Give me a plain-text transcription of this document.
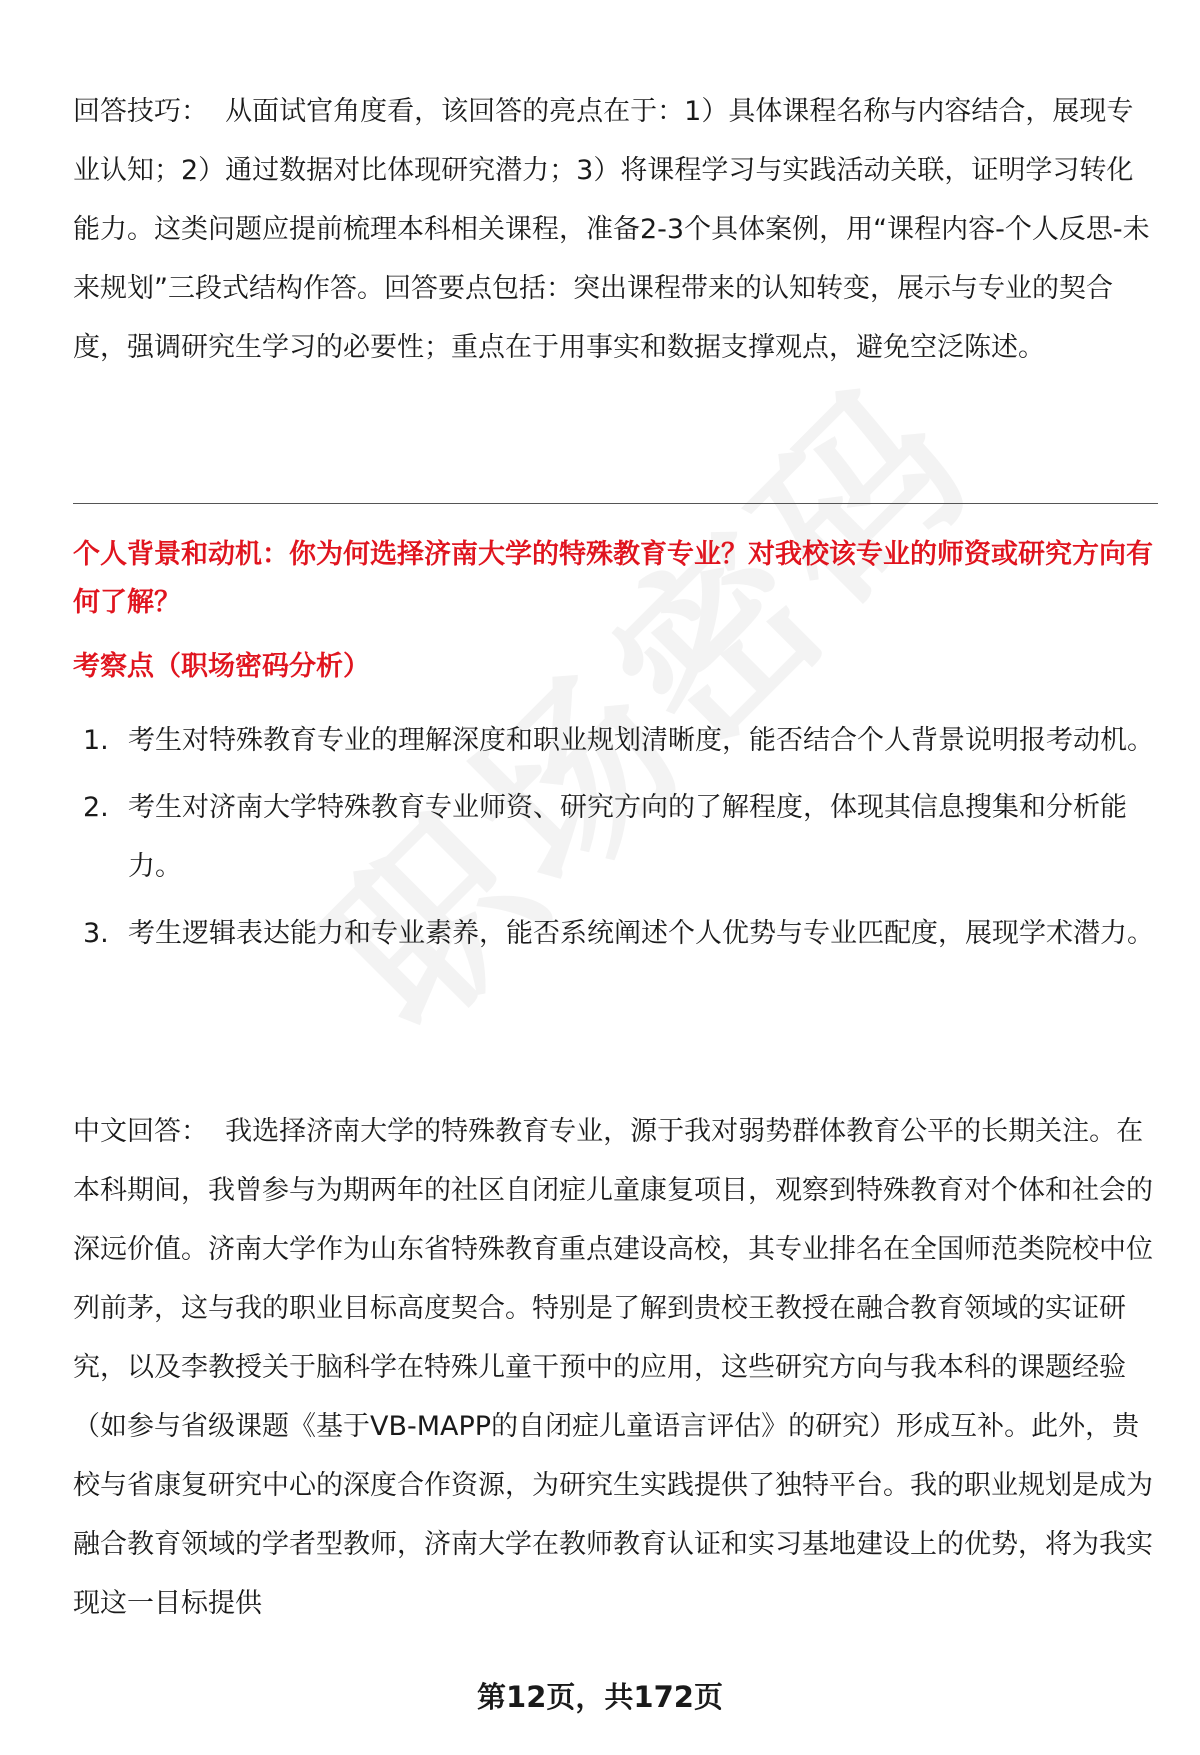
回答技巧： 从面试官角度看，该回答的亮点在于：1）具体课程名称与内容结合，展现专业认知；2）通过数据对比体现研究潜力；3）将课程学习与实践活动关联，证明学习转化能力。这类问题应提前梳理本科相关课程，准备2-3个具体案例，用“课程内容-个人反思-未来规划”三段式结构作答。回答要点包括：突出课程带来的认知转变，展示与专业的契合度，强调研究生学习的必要性；重点在于用事实和数据支撑观点，避免空泛陈述。

个人背景和动机：你为何选择济南大学的特殊教育专业？对我校该专业的师资或研究方向有何了解？

考察点（职场密码分析）

1. 考生对特殊教育专业的理解深度和职业规划清晰度，能否结合个人背景说明报考动机。
2. 考生对济南大学特殊教育专业师资、研究方向的了解程度，体现其信息搜集和分析能力。
3. 考生逻辑表达能力和专业素养，能否系统阐述个人优势与专业匹配度，展现学术潜力。

中文回答： 我选择济南大学的特殊教育专业，源于我对弱势群体教育公平的长期关注。在本科期间，我曾参与为期两年的社区自闭症儿童康复项目，观察到特殊教育对个体和社会的深远价值。济南大学作为山东省特殊教育重点建设高校，其专业排名在全国师范类院校中位列前茅，这与我的职业目标高度契合。特别是了解到贵校王教授在融合教育领域的实证研究，以及李教授关于脑科学在特殊儿童干预中的应用，这些研究方向与我本科的课题经验（如参与省级课题《基于VB-MAPP的自闭症儿童语言评估》的研究）形成互补。此外，贵校与省康复研究中心的深度合作资源，为研究生实践提供了独特平台。我的职业规划是成为融合教育领域的学者型教师，济南大学在教师教育认证和实习基地建设上的优势，将为我实现这一目标提供

第12页，共172页
